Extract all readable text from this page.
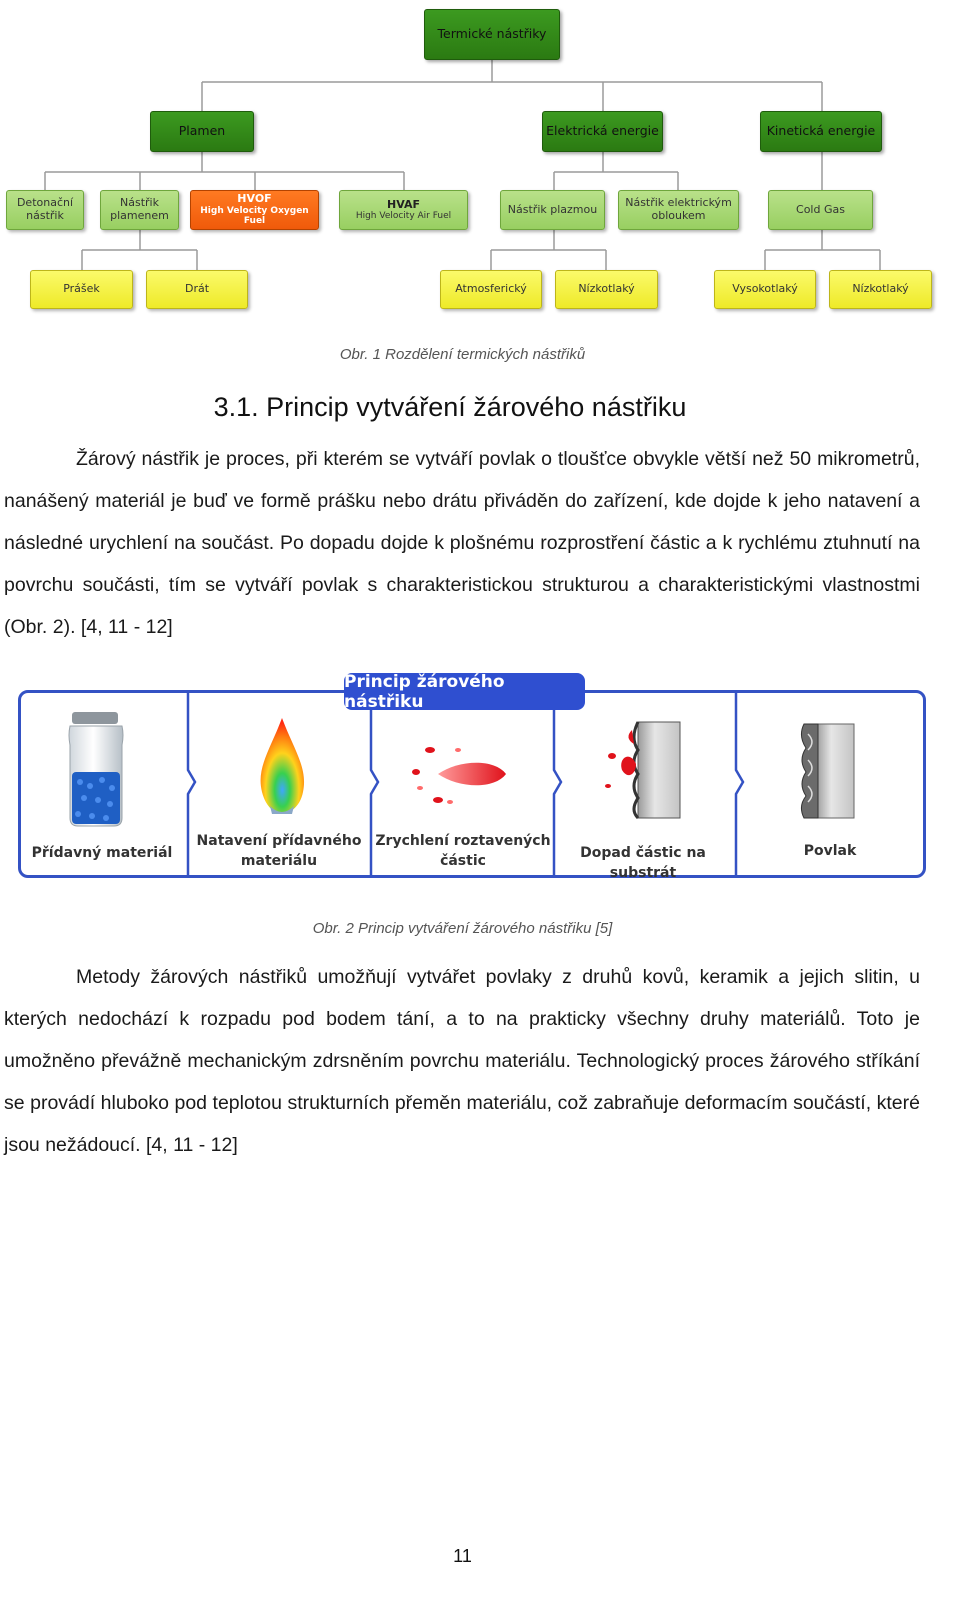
Termické nástřiky
Plamen	Elektrická energie	Kinetická energie
Detonační
nástřik
Nástřik
plamenem
HVOF
High Velocity Oxygen Fuel
HVAF
High Velocity Air Fuel
Nástřik plazmou	Nástřik elektrickým
obloukem	Cold Gas
Prášek	Drát	Atmosferický	Nízkotlaký	Vysokotlaký	Nízkotlaký
Obr. 1 Rozdělení termických nástřiků
3.1. Princip vytváření žárového nástřiku
Žárový nástřik je proces, při kterém se vytváří povlak o tloušťce obvykle větší než 50 mikrometrů, nanášený materiál je buď ve formě prášku nebo drátu přiváděn do zařízení, kde dojde k jeho natavení a následné urychlení na součást. Po dopadu dojde k plošnému rozprostření částic a k rychlému ztuhnutí na povrchu součásti, tím se vytváří povlak s charakteristickou strukturou a charakteristickými vlastnostmi (Obr. 2). [4, 11 - 12]
Princip žárového nástřiku
Přídavný materiál
Natavení přídavného
materiálu
Zrychlení roztavených
částic	Dopad částic na substrát
Povlak
Obr. 2 Princip vytváření žárového nástřiku [5]
Metody žárových nástřiků umožňují vytvářet povlaky z druhů kovů, keramik a jejich slitin, u kterých nedochází k rozpadu pod bodem tání, a to na prakticky všechny druhy materiálů. Toto je umožněno převážně mechanickým zdrsněním povrchu materiálu. Technologický proces žárového stříkání se provádí hluboko pod teplotou strukturních přeměn materiálu, což zabraňuje deformacím součástí, které jsou nežádoucí. [4, 11 - 12]
11
